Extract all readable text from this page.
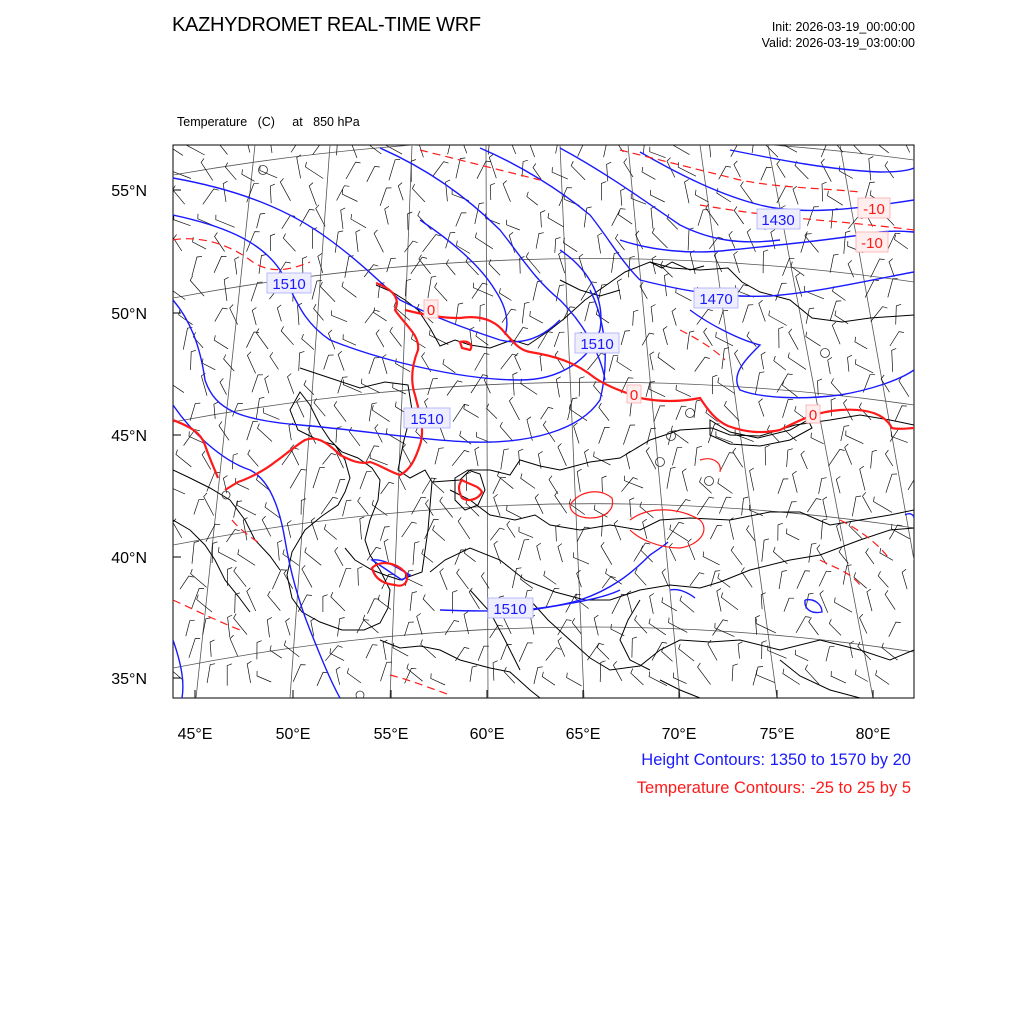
KAZHYDROMET REAL-TIME WRF	Init: 2026-03-19_00:00:00
Valid: 2026-03-19_03:00:00

Temperature   (C)     at   850 hPa

1430
1470
1510
1510
1510
1510
-10
-10
0
0
0
55°N
50°N
45°N
40°N
35°N
45°E	50°E	55°E	60°E	65°E	70°E	75°E	80°E
Height Contours: 1350 to 1570 by 20
Temperature Contours: -25 to 25 by 5
